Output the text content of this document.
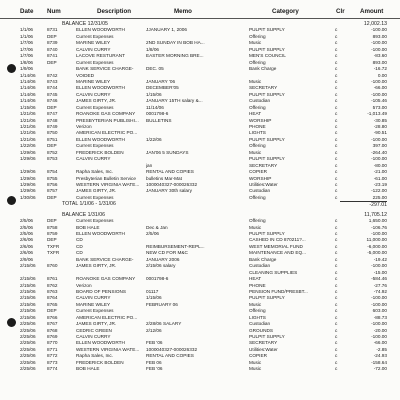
Date Num	Description	Memo	Category	Clr Amount
BALANCE 12/31/05	12,002.13
1/1/06	8731	ELLEN WOODWORTH	JJANUARY 1, 2006	PULPIT SUPPLY	c	-100.00
1/1/06	DEP	Current Expenses	Offering	c	893.00
1/7/06	8739	MARINE WILEY	2ND SUNDAY IN BOB HA...	Music	c	-100.00
1/7/06	8740	CALVIN CURRY	1/8/06	PULPIT SUPPLY	c	-100.00
1/7/06	8741	LACOVE RESTURANT	EASTER MORNING BRE...	MEN'S COUNCIL	c	-83.60
1/8/06	DEP	Current Expenses	Offering	c	893.00
1/9/06	BANK SERVICE CHARGE-	DEC. 05	Bank Charge	c	-16.72
1/14/06	8742	VOIDED	c	0.00
1/14/06	8743	MARINE WILEY	JANUARY '06	Music	c	-100.00
1/14/06	8744	ELLEN WOODWORTH	DECEMBER'05	SECRETARY	c	-66.00
1/14/06	8745	CALVIN CURRY	1/15/06	PULPIT SUPPLY	c	-100.00
1/14/06	8746	JAMES GIRTY, JR.	JANUARY 15TH salary &...	Custodian	c	-105.46
1/15/06	DEP	Current Expenses	11/14/06	Offering	c	573.00
1/21/06	8747	ROANOKE GAS COMPANY	0001798-6	HEAT	c	-1,013.49
1/21/06	8748	PRESBYTERIAN PUBLISHI...	BULLETINS	WORSHIP	c	-30.85
1/21/06	8749	Verizon	PHONE	c	-28.80
1/21/06	8750	AMERICAN ELECTRIC PO...	LIGHTS	c	-90.51
1/21/06	8751	ELLEN WOODWORTH	1/22/06	PULPIT SUPPLY	c	-100.00
1/22/06	DEP	Current Expenses	Offering	c	397.00
1/29/06	8752	FREDERICK BOLDEN	JAN'06 5 SUNDAYS	Music	c	-264.40
1/29/06	8753	CALVIN CURRY	PULPIT SUPPLY	c	-100.00
jan	SECRETARY	c	-80.00
1/29/06	8754	Rapha Sales, Inc.	RENTAL AND COPIES	COPIER	c	-21.00
1/29/06	8755	Presbyterian Bulletin Service	bulletins Mar-Mat	WORSHIP	c	-61.00
1/29/06	8756	WESTERN VIRGINIA WATE...	1000040327-000026332	Utilities:Water	c	-23.19
1/29/06	8757	JAMES GIRTY, JR.	JANUARY 30th salary	Custodian	c	-122.00
1/30/06	DEP	Current Expenses	Offering	c	225.00
TOTAL 1/1/06 - 1/31/06	-297.01
BALANCE 1/31/06	11,705.12
2/5/06	DEP	Current Expenses	Offering	c	1,650.00
2/5/06	8758	BOB HALE	Dec & Jan	Music	c	-106.76
2/5/06	8759	ELLEN WOODWORTH	2/5/06	PULPIT SUPPLY	c	-100.00
2/6/06	DEP	CD	CASHED IN CD 870211?...	c	11,000.00
2/6/06	TXFR	CD	REIMBURSEMENT-REPL...	WEST MEMORIAL FUND	c	-6,000.00
2/6/06	TXFR	CD	NEW CD FOR M&C	MAINTENANCE AND EQ...	c	-5,000.00
2/9/06	BANK SERVICE CHARGE-	JANUARY 2006	Bank Charge	c	-19.42
2/15/06	8760	JAMES GIRTY, JR.	2/15/06 salary	Custodian	c	-100.00
CLEANING SUPPLIES	c	-15.00
2/15/06	8761	ROANOKE GAS COMPANY	0001798-6	HEAT	c	-584.46
2/15/06	8762	Verizon	PHONE	c	-27.76
2/15/06	8763	BOARD OF PENSIONS	01117	PENSION FUND/PRESBT...	c	-74.92
2/15/06	8764	CALVIN CURRY	1/15/06	PULPIT SUPPLY	c	-100.00
2/15/06	8765	MARINE WILEY	FEBRUARY 06	Music	c	-100.00
2/15/06	DEP	Current Expenses	Offering	c	603.00
2/15/06	8766	AMERICAN ELECTRIC PO...	LIGHTS	c	-88.73
2/25/06	8767	JAMES GIRTY, JR.	2/28/06 SALARY	Custodian	c	-100.00
2/25/06	8768	CEDRIC GREEN	2/12/06	GROUNDS	c	-20.00
2/25/06	8769	CALVIN CURRY	PULPIT SUPPLY	c	-100.00
2/25/06	8770	ELLEN WOODWORTH	FEB '06	SECRETARY	c	-66.00
2/25/06	8771	WESTERN VIRGINIA WATE...	1000040327-000026332	Utilities:Water	c	-2.85
2/25/06	8772	Rapha Sales, Inc.	RENTAL AND COPIES	COPIER	c	-24.93
2/25/06	8773	FREDERICK BOLDEN	FEB 06	Music	c	-158.64
2/25/06	8774	BOB HALE	FEB '06	Music	c	-72.00
